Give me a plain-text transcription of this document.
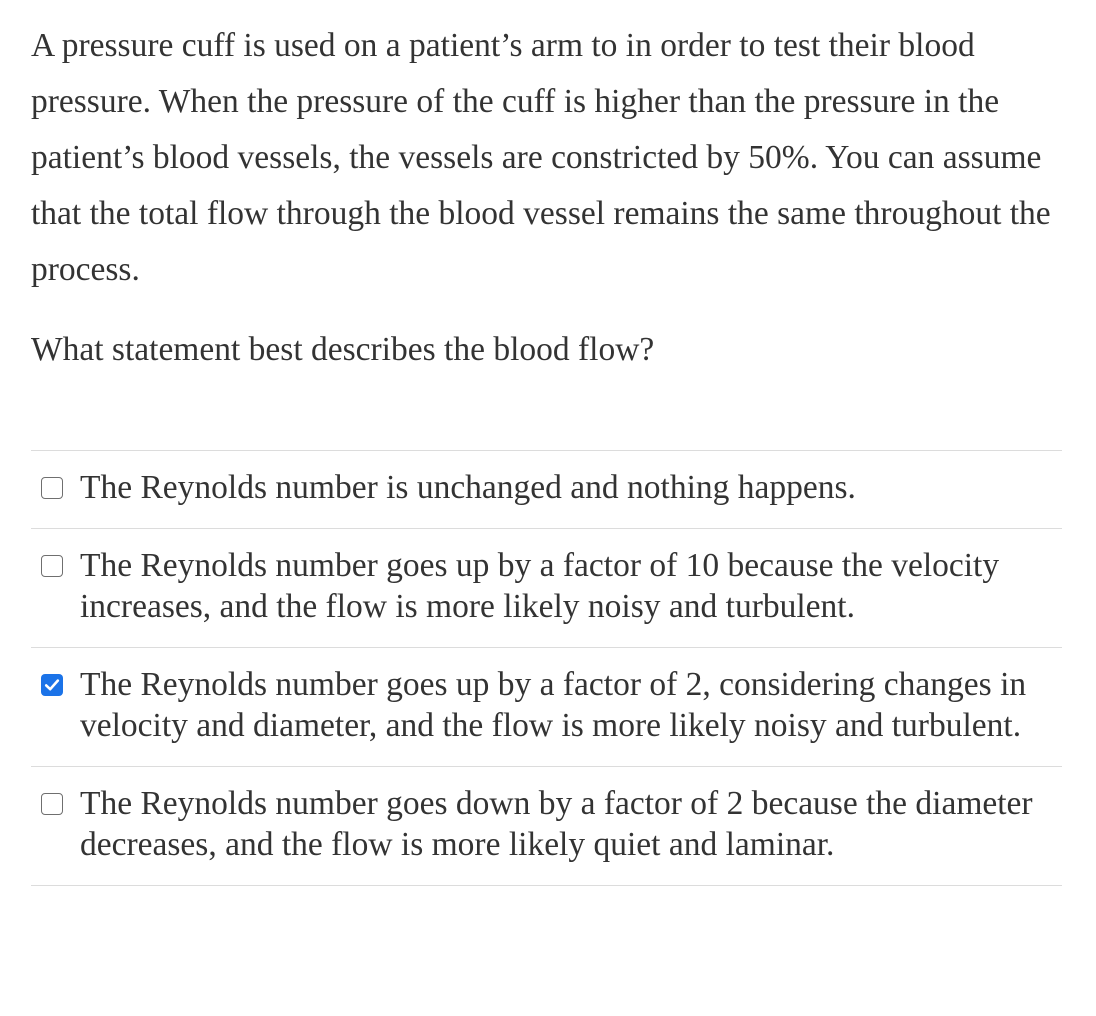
A pressure cuff is used on a patient’s arm to in order to test their blood pressure. When the pressure of the cuff is higher than the pressure in the patient’s blood vessels, the vessels are constricted by 50%. You can assume that the total flow through the blood vessel remains the same throughout the process.

What statement best describes the blood flow?

The Reynolds number is unchanged and nothing happens.
The Reynolds number goes up by a factor of 10 because the velocity increases, and the flow is more likely noisy and turbulent.
The Reynolds number goes up by a factor of 2, considering changes in velocity and diameter, and the flow is more likely noisy and turbulent.
The Reynolds number goes down by a factor of 2 because the diameter decreases, and the flow is more likely quiet and laminar.
